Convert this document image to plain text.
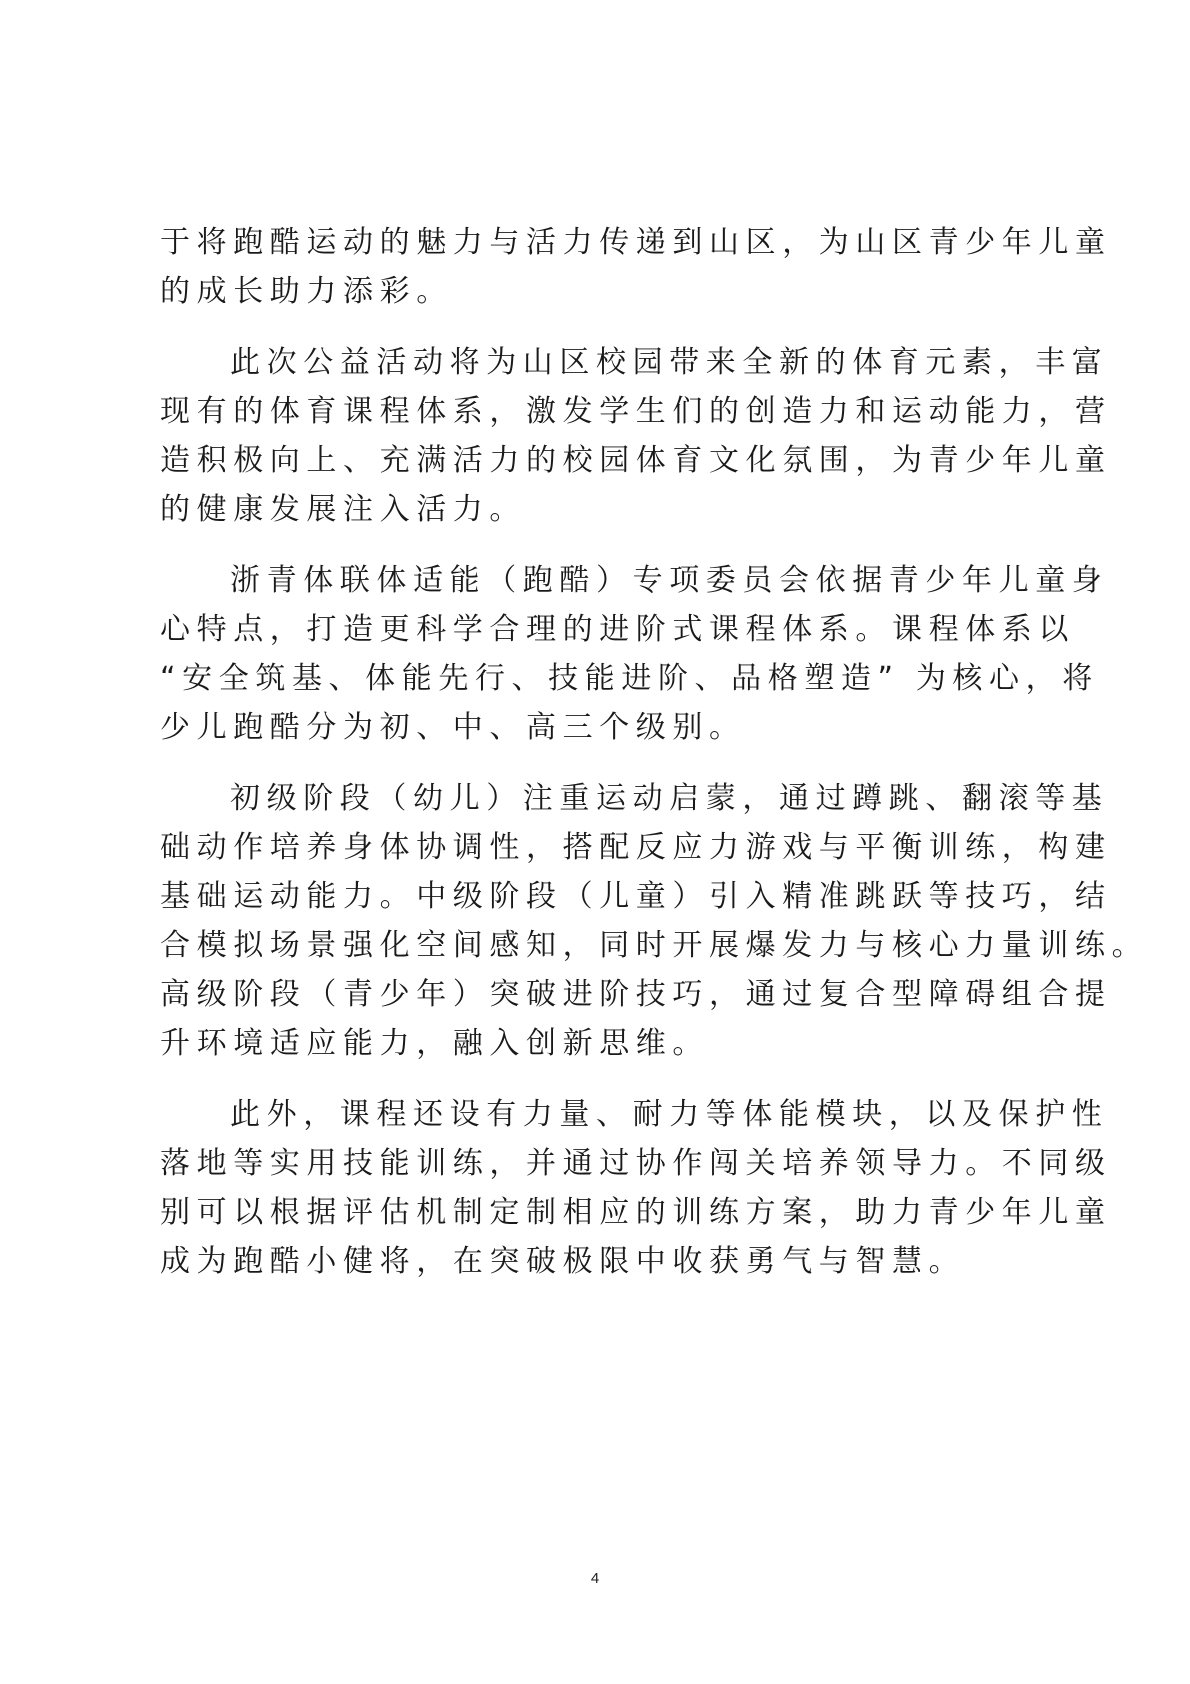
于将跑酷运动的魅力与活力传递到山区，为山区青少年儿童
的成长助力添彩。
此次公益活动将为山区校园带来全新的体育元素，丰富
现有的体育课程体系，激发学生们的创造力和运动能力，营
造积极向上、充满活力的校园体育文化氛围，为青少年儿童
的健康发展注入活力。
浙青体联体适能（跑酷）专项委员会依据青少年儿童身
心特点，打造更科学合理的进阶式课程体系。课程体系以
“安全筑基、体能先行、技能进阶、品格塑造” 为核心，将
少儿跑酷分为初、中、高三个级别。
初级阶段（幼儿）注重运动启蒙，通过蹲跳、翻滚等基
础动作培养身体协调性，搭配反应力游戏与平衡训练，构建
基础运动能力。中级阶段（儿童）引入精准跳跃等技巧，结
合模拟场景强化空间感知，同时开展爆发力与核心力量训练。
高级阶段（青少年）突破进阶技巧，通过复合型障碍组合提
升环境适应能力，融入创新思维。
此外，课程还设有力量、耐力等体能模块，以及保护性
落地等实用技能训练，并通过协作闯关培养领导力。不同级
别可以根据评估机制定制相应的训练方案，助力青少年儿童
成为跑酷小健将，在突破极限中收获勇气与智慧。
4
